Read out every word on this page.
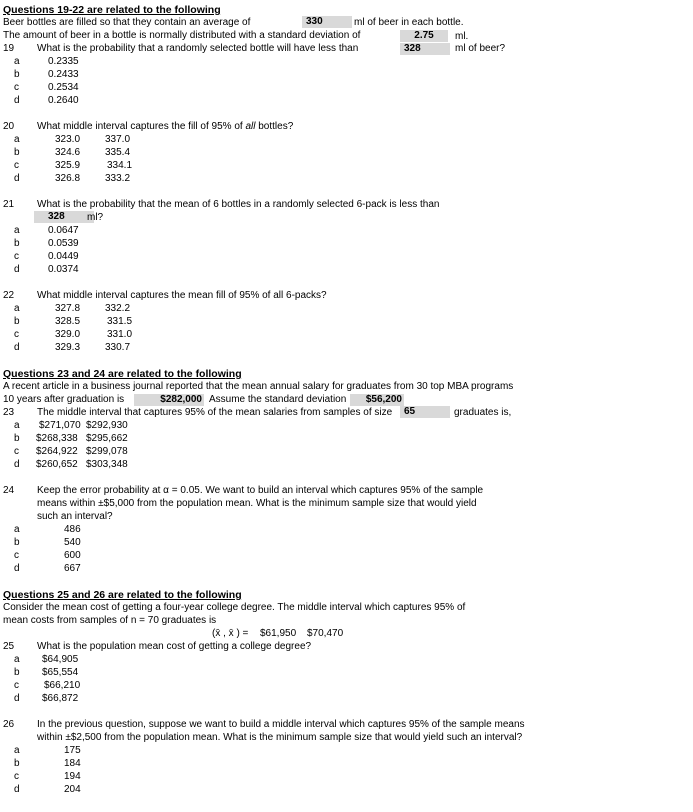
Questions 19-22 are related to the following
Beer bottles are filled so that they contain an average of	330	ml of beer in each bottle.
The amount of beer in a bottle is normally distributed with a standard deviation of	2.75	ml.
19 What is the probability that a randomly selected bottle will have less than	328	ml of beer?
a	0.2335
b	0.2433
c	0.2534
d	0.2640
20 What middle interval captures the fill of 95% of all bottles?
a	323.0 337.0
b	324.6 335.4
c	325.9	334.1
d	326.8 333.2
21 What is the probability that the mean of 6 bottles in a randomly selected 6-pack is less than
328	ml?
a	0.0647
b	0.0539
c	0.0449
d	0.0374
22 What middle interval captures the mean fill of 95% of all 6-packs?
a	327.8 332.2
b	328.5	331.5
c	329.0	331.0
d	329.3 330.7
Questions 23 and 24 are related to the following
A recent article in a business journal reported that the mean annual salary for graduates from 30 top MBA programs
10 years after graduation is	$282,000 Assume the standard deviation	$56,200
23 The middle interval that captures 95% of the mean salaries from samples of size	65	graduates is,
a $271,070 $292,930
b $268,338 $295,662
c $264,922 $299,078
d $260,652 $303,348
24 Keep the error probability at α = 0.05. We want to build an interval which captures 95% of the sample
means within ±$5,000 from the population mean. What is the minimum sample size that would yield
such an interval?
a	486
b	540
c	600
d	667
Questions 25 and 26 are related to the following
Consider the mean cost of getting a four-year college degree. The middle interval which captures 95% of
mean costs from samples of n = 70 graduates is
(x̄ , x̄ ) = $61,950 $70,470
25 What is the population mean cost of getting a college degree?
a $64,905
b $65,554
c	$66,210
d $66,872
26 In the previous question, suppose we want to build a middle interval which captures 95% of the sample means
within ±$2,500 from the population mean. What is the minimum sample size that would yield such an interval?
a	175
b	184
c	194
d	204
